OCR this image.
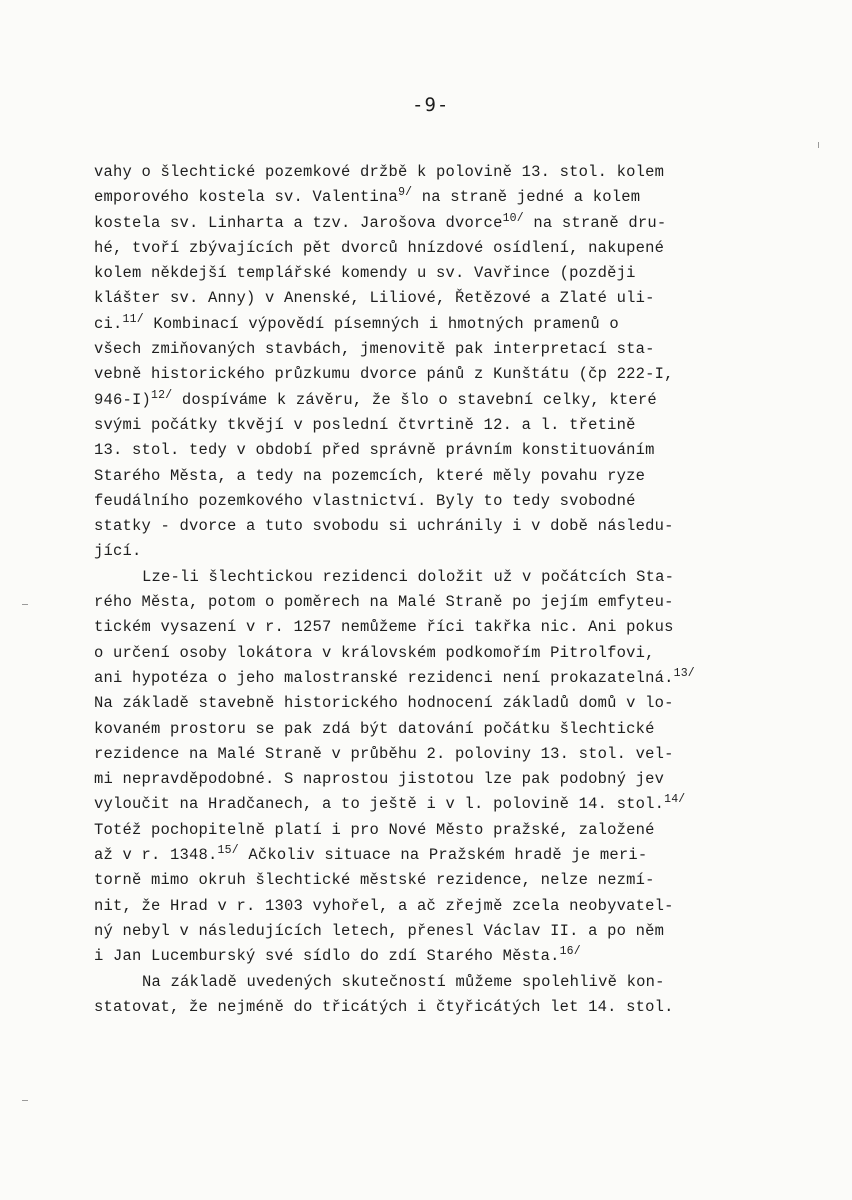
-9-
vahy o šlechtické pozemkové držbě k polovině 13. stol. kolem
emporového kostela sv. Valentina$^{9/}$ na straně jedné a kolem
kostela sv. Linharta a tzv. Jarošova dvorce$^{10/}$ na straně dru-
hé, tvoří zbývajících pět dvorců hnízdové osídlení, nakupené
kolem někdejší templářské komendy u sv. Vavřince (později
klášter sv. Anny) v Anenské, Liliové, Řetězové a Zlaté uli-
ci.$^{11/}$ Kombinací výpovědí písemných i hmotných pramenů o
všech zmiňovaných stavbách, jmenovitě pak interpretací sta-
vebně historického průzkumu dvorce pánů z Kunštátu (čp 222-I,
946-I)$^{12/}$ dospíváme k závěru, že šlo o stavební celky, které
svými počátky tkvějí v poslední čtvrtině 12. a l. třetině
13. stol. tedy v období před správně právním konstituováním
Starého Města, a tedy na pozemcích, které měly povahu ryze
feudálního pozemkového vlastnictví. Byly to tedy svobodné
statky - dvorce a tuto svobodu si uchránily i v době následu-
jící.
Lze-li šlechtickou rezidenci doložit už v počátcích Sta-
rého Města, potom o poměrech na Malé Straně po jejím emfyteu-
tickém vysazení v r. 1257 nemůžeme říci takřka nic. Ani pokus
o určení osoby lokátora v královském podkomořím Pitrolfovi,
ani hypotéza o jeho malostranské rezidenci není prokazatelná.$^{13/}$
Na základě stavebně historického hodnocení základů domů v lo-
kovaném prostoru se pak zdá být datování počátku šlechtické
rezidence na Malé Straně v průběhu 2. poloviny 13. stol. vel-
mi nepravděpodobné. S naprostou jistotou lze pak podobný jev
vyloučit na Hradčanech, a to ještě i v l. polovině 14. stol.$^{14/}$
Totéž pochopitelně platí i pro Nové Město pražské, založené
až v r. 1348.$^{15/}$ Ačkoliv situace na Pražském hradě je meri-
torně mimo okruh šlechtické městské rezidence, nelze nezmí-
nit, že Hrad v r. 1303 vyhořel, a ač zřejmě zcela neobyvatel-
ný nebyl v následujících letech, přenesl Václav II. a po něm
i Jan Lucemburský své sídlo do zdí Starého Města.$^{16/}$
Na základě uvedených skutečností můžeme spolehlivě kon-
statovat, že nejméně do třicátých i čtyřicátých let 14. stol.
